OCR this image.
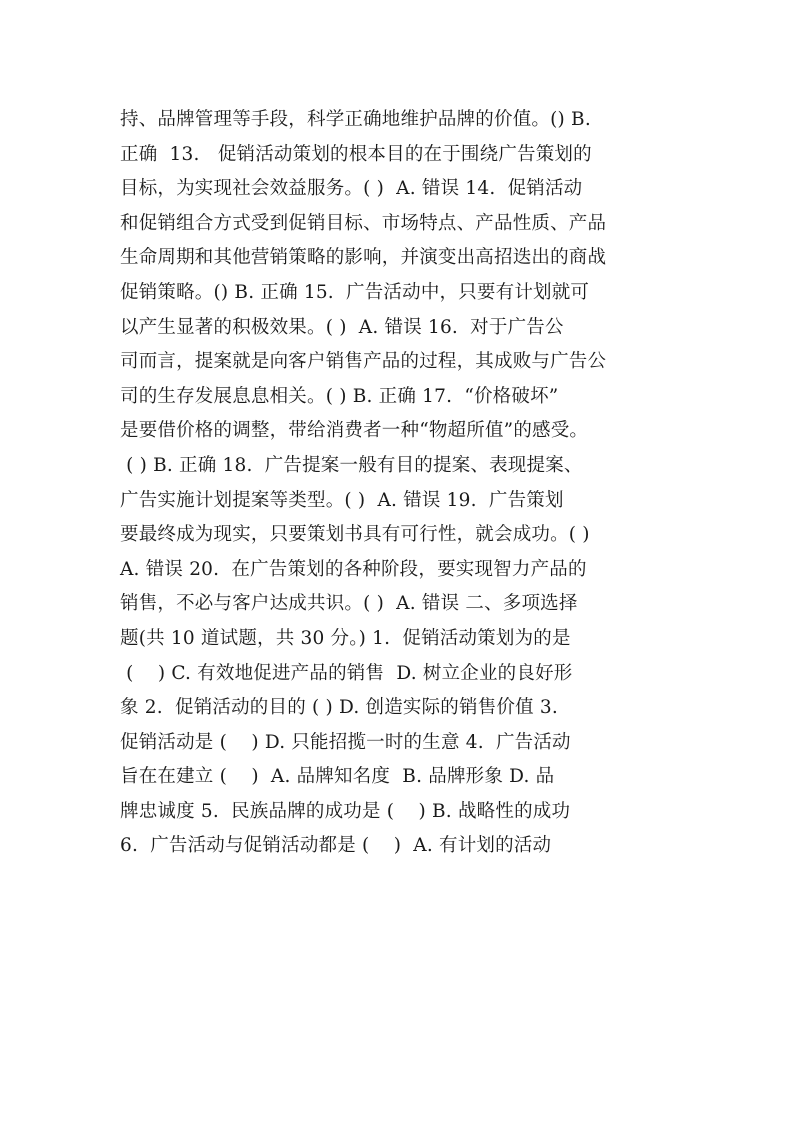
持、品牌管理等手段，科学正确地维护品牌的价值。() B.
正确  13.   促销活动策划的根本目的在于围绕广告策划的
目标，为实现社会效益服务。( )  A. 错误 14.  促销活动
和促销组合方式受到促销目标、市场特点、产品性质、产品
生命周期和其他营销策略的影响，并演变出高招迭出的商战
促销策略。() B. 正确 15.  广告活动中，只要有计划就可
以产生显著的积极效果。( )  A. 错误 16.  对于广告公
司而言，提案就是向客户销售产品的过程，其成败与广告公
司的生存发展息息相关。( ) B. 正确 17.  “价格破坏”
是要借价格的调整，带给消费者一种“物超所值”的感受。
( ) B. 正确 18.  广告提案一般有目的提案、表现提案、
广告实施计划提案等类型。( )  A. 错误 19.  广告策划
要最终成为现实，只要策划书具有可行性，就会成功。( )
A. 错误 20.  在广告策划的各种阶段，要实现智力产品的
销售，不必与客户达成共识。( )  A. 错误 二、多项选择
题(共 10 道试题，共 30 分。) 1.  促销活动策划为的是
(    ) C. 有效地促进产品的销售  D. 树立企业的良好形
象 2.  促销活动的目的 ( ) D. 创造实际的销售价值 3.
促销活动是 (    ) D. 只能招揽一时的生意 4.  广告活动
旨在在建立 (    )  A. 品牌知名度  B. 品牌形象 D. 品
牌忠诚度 5.  民族品牌的成功是 (    ) B. 战略性的成功
6.  广告活动与促销活动都是 (    )  A. 有计划的活动
